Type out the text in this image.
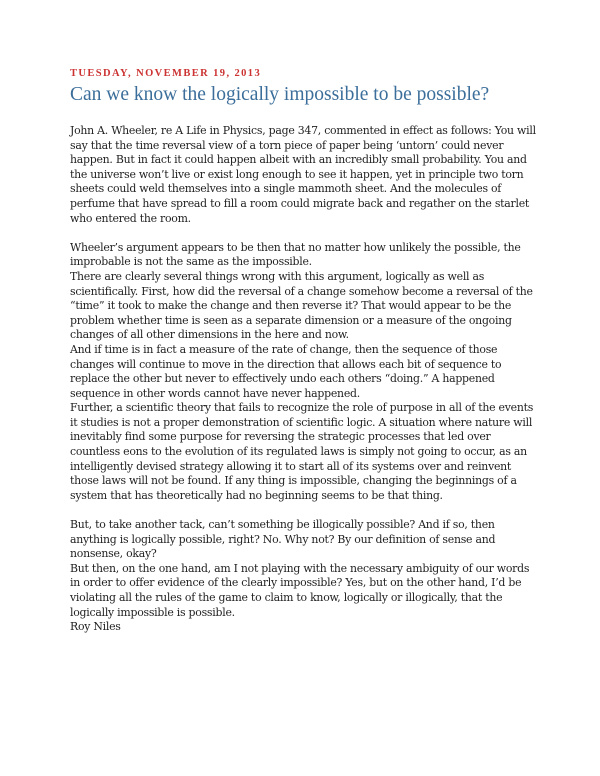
TUESDAY, NOVEMBER 19, 2013
Can we know the logically impossible to be possible?

John A. Wheeler, re A Life in Physics, page 347, commented in effect as follows: You will say that the time reversal view of a torn piece of paper being ‘untorn’ could never happen. But in fact it could happen albeit with an incredibly small probability. You and the universe won’t live or exist long enough to see it happen, yet in principle two torn sheets could weld themselves into a single mammoth sheet. And the molecules of perfume that have spread to fill a room could migrate back and regather on the starlet who entered the room.

Wheeler’s argument appears to be then that no matter how unlikely the possible, the improbable is not the same as the impossible.

There are clearly several things wrong with this argument, logically as well as scientifically. First, how did the reversal of a change somehow become a reversal of the “time” it took to make the change and then reverse it? That would appear to be the problem whether time is seen as a separate dimension or a measure of the ongoing changes of all other dimensions in the here and now.

And if time is in fact a measure of the rate of change, then the sequence of those changes will continue to move in the direction that allows each bit of sequence to replace the other but never to effectively undo each others “doing.” A happened sequence in other words cannot have never happened.

Further, a scientific theory that fails to recognize the role of purpose in all of the events it studies is not a proper demonstration of scientific logic. A situation where nature will inevitably find some purpose for reversing the strategic processes that led over countless eons to the evolution of its regulated laws is simply not going to occur, as an intelligently devised strategy allowing it to start all of its systems over and reinvent those laws will not be found. If any thing is impossible, changing the beginnings of a system that has theoretically had no beginning seems to be that thing.

But, to take another tack, can’t something be illogically possible? And if so, then anything is logically possible, right? No. Why not? By our definition of sense and nonsense, okay?

But then, on the one hand, am I not playing with the necessary ambiguity of our words in order to offer evidence of the clearly impossible? Yes, but on the other hand, I’d be violating all the rules of the game to claim to know, logically or illogically, that the logically impossible is possible.

Roy Niles
